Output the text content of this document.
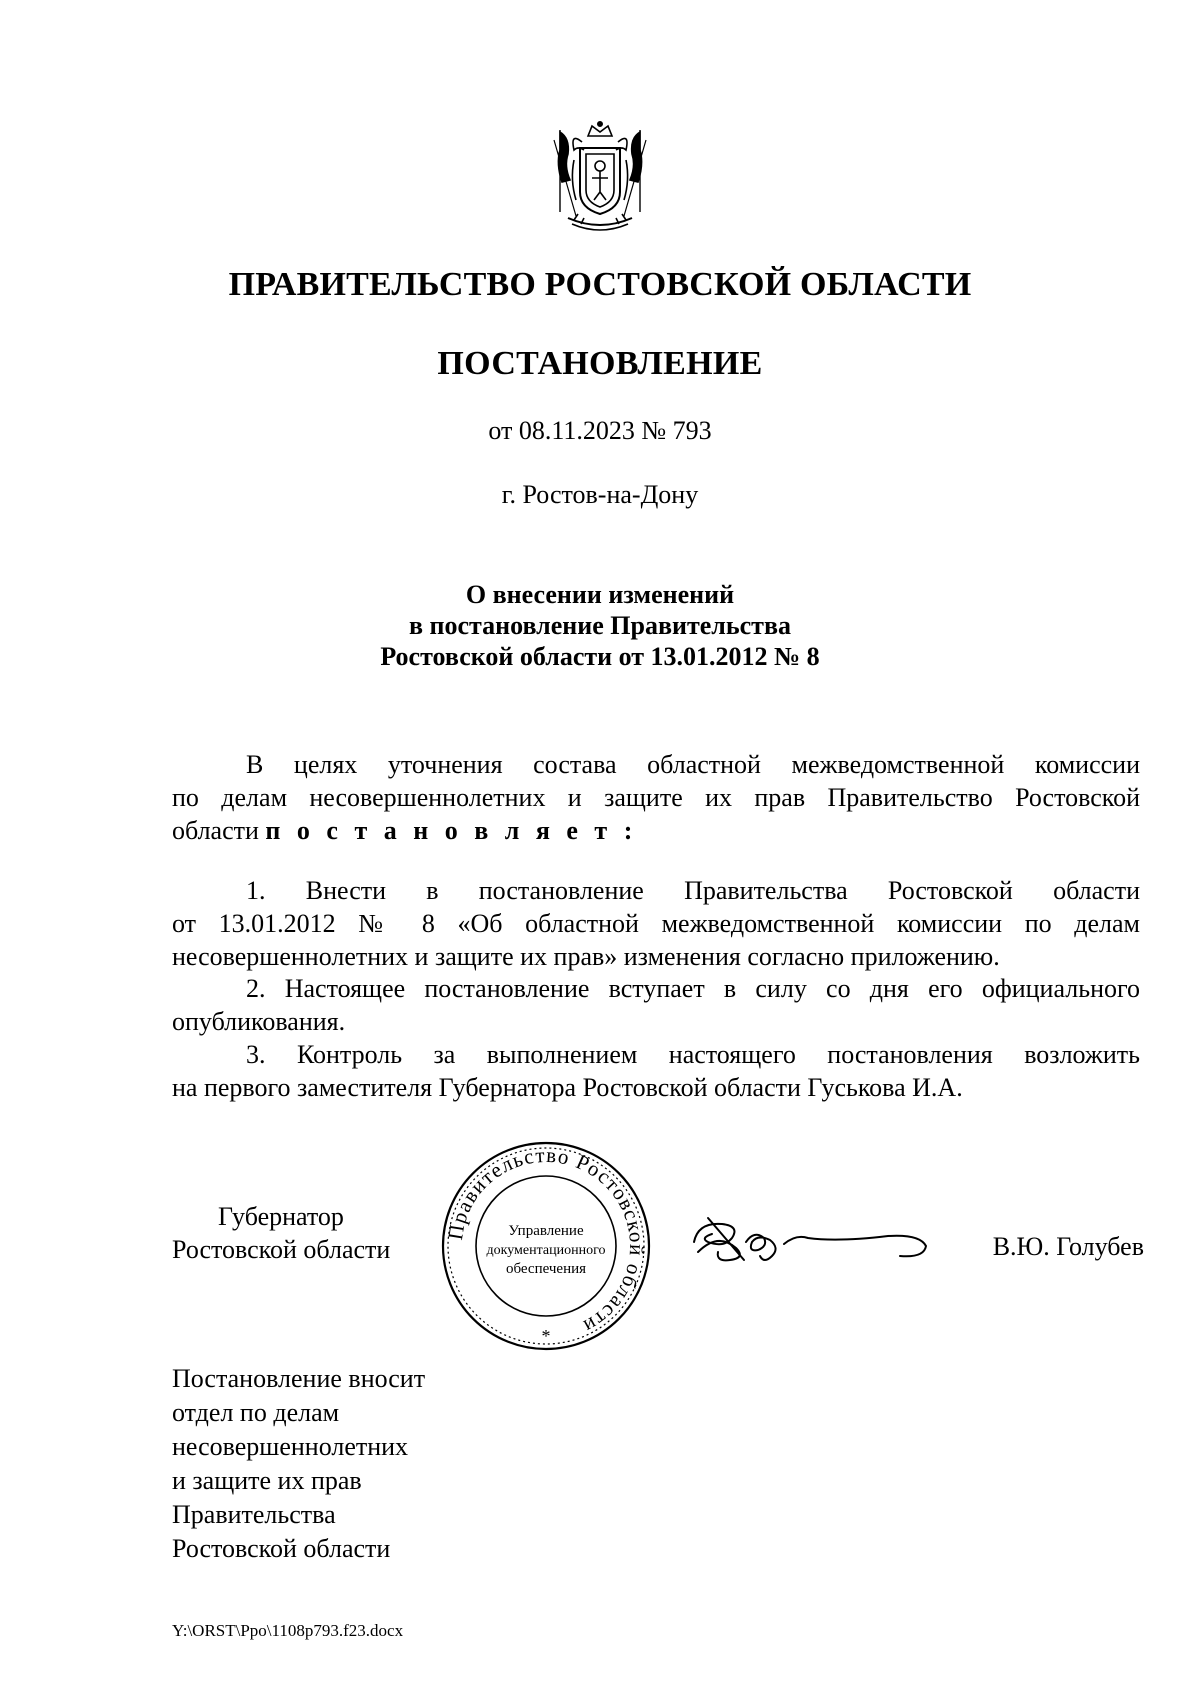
ПРАВИТЕЛЬСТВО РОСТОВСКОЙ ОБЛАСТИ
ПОСТАНОВЛЕНИЕ
от 08.11.2023 № 793
г. Ростов-на-Дону
О внесении изменений
в постановление Правительства
Ростовской области от 13.01.2012 № 8
В целях уточнения состава областной межведомственной комиссии
по делам несовершеннолетних и защите их прав Правительство Ростовской
области п о с т а н о в л я е т :
1. Внести в постановление Правительства Ростовской области
от 13.01.2012 № 8 «Об областной межведомственной комиссии по делам
несовершеннолетних и защите их прав» изменения согласно приложению.
2. Настоящее постановление вступает в силу со дня его официального
опубликования.
3. Контроль за выполнением настоящего постановления возложить
на первого заместителя Губернатора Ростовской области Гуськова И.А.
Губернатор
Ростовской области
Правительство Ростовской области
Управление
документационного
обеспечения
*
В.Ю. Голубев
Постановление вносит
отдел по делам
несовершеннолетних
и защите их прав
Правительства
Ростовской области
Y:\ORST\Ppo\1108p793.f23.docx
